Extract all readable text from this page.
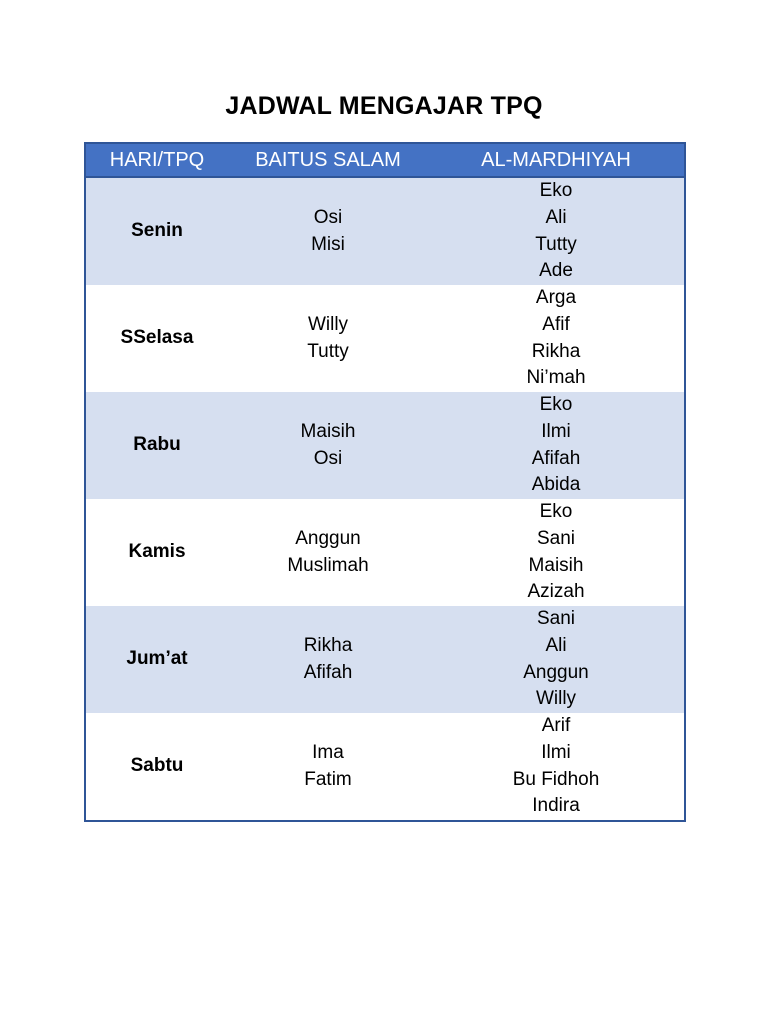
JADWAL MENGAJAR TPQ
HARI/TPQ	BAITUS SALAM	AL-MARDHIYAH
Senin
Osi
Misi
Eko
Ali
Tutty
Ade
SSelasa
Willy
Tutty
Arga
Afif
Rikha
Ni’mah
Rabu
Maisih
Osi
Eko
Ilmi
Afifah
Abida
Kamis
Anggun
Muslimah
Eko
Sani
Maisih
Azizah
Jum’at
Rikha
Afifah
Sani
Ali
Anggun
Willy
Sabtu
Ima
Fatim
Arif
Ilmi
Bu Fidhoh
Indira
